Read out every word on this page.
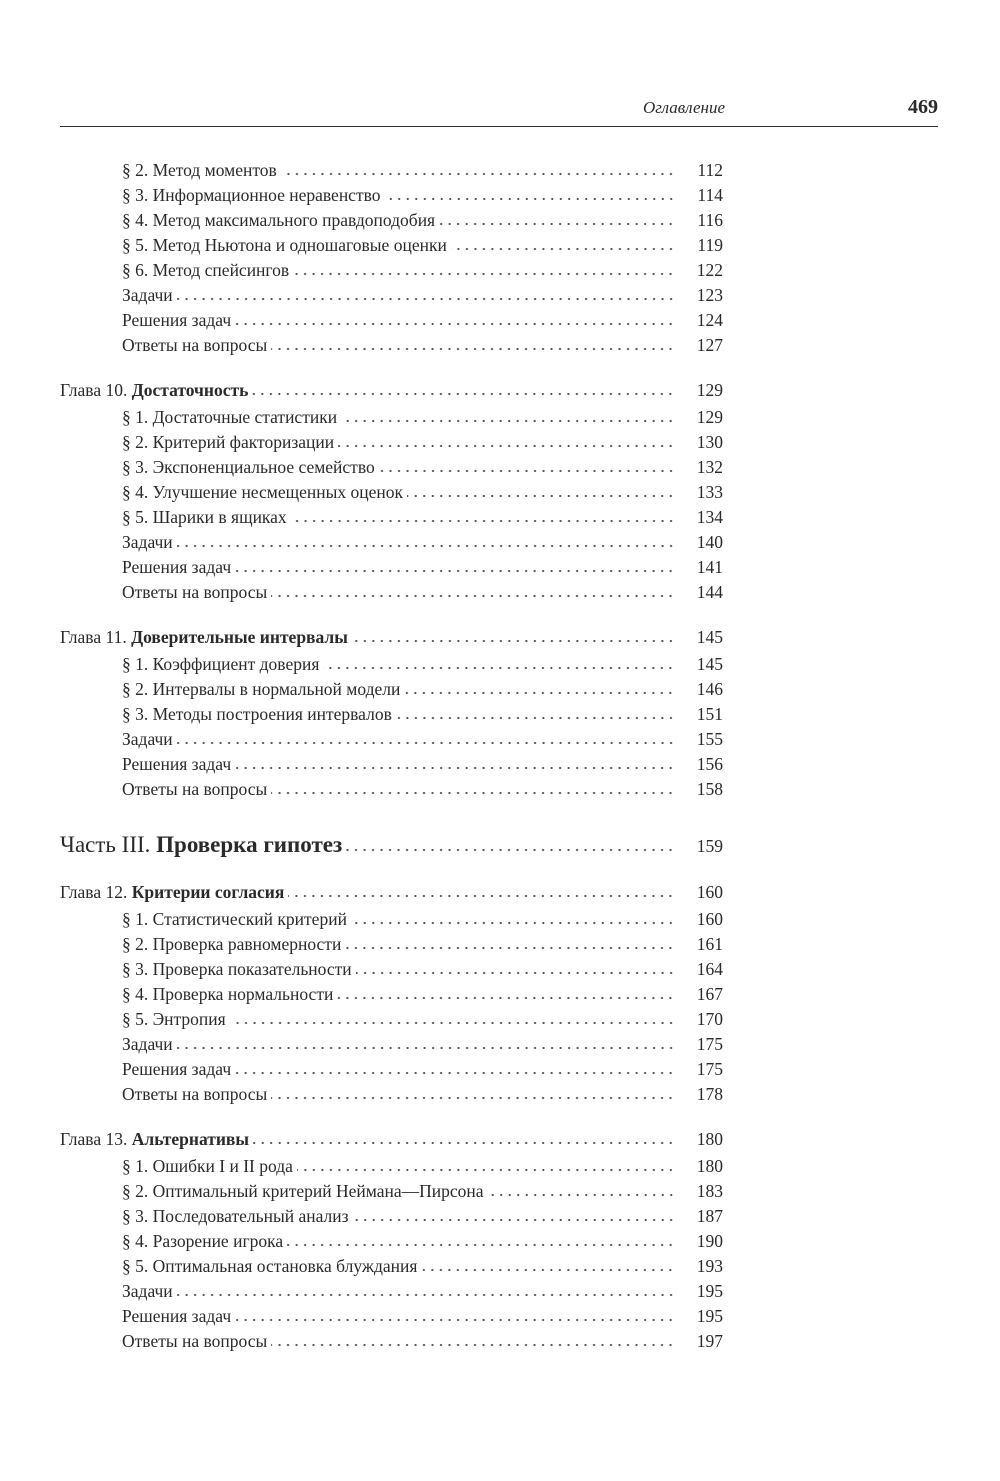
Оглавление	469
§ 2. Метод моментов	112
§ 3. Информационное неравенство	114
§ 4. Метод максимального правдоподобия	116
§ 5. Метод Ньютона и одношаговые оценки	119
§ 6. Метод спейсингов	122
Задачи	123
Решения задач	124
Ответы на вопросы	127
Глава 10. Достаточность	129
§ 1. Достаточные статистики	129
§ 2. Критерий факторизации	130
§ 3. Экспоненциальное семейство	132
§ 4. Улучшение несмещенных оценок	133
§ 5. Шарики в ящиках	134
Задачи	140
Решения задач	141
Ответы на вопросы	144
Глава 11. Доверительные интервалы	145
§ 1. Коэффициент доверия	145
§ 2. Интервалы в нормальной модели	146
§ 3. Методы построения интервалов	151
Задачи	155
Решения задач	156
Ответы на вопросы	158
Часть III. Проверка гипотез	159
Глава 12. Критерии согласия	160
§ 1. Статистический критерий	160
§ 2. Проверка равномерности	161
§ 3. Проверка показательности	164
§ 4. Проверка нормальности	167
§ 5. Энтропия	170
Задачи	175
Решения задач	175
Ответы на вопросы	178
Глава 13. Альтернативы	180
§ 1. Ошибки I и II рода	180
§ 2. Оптимальный критерий Неймана—Пирсона	183
§ 3. Последовательный анализ	187
§ 4. Разорение игрока	190
§ 5. Оптимальная остановка блуждания	193
Задачи	195
Решения задач	195
Ответы на вопросы	197
